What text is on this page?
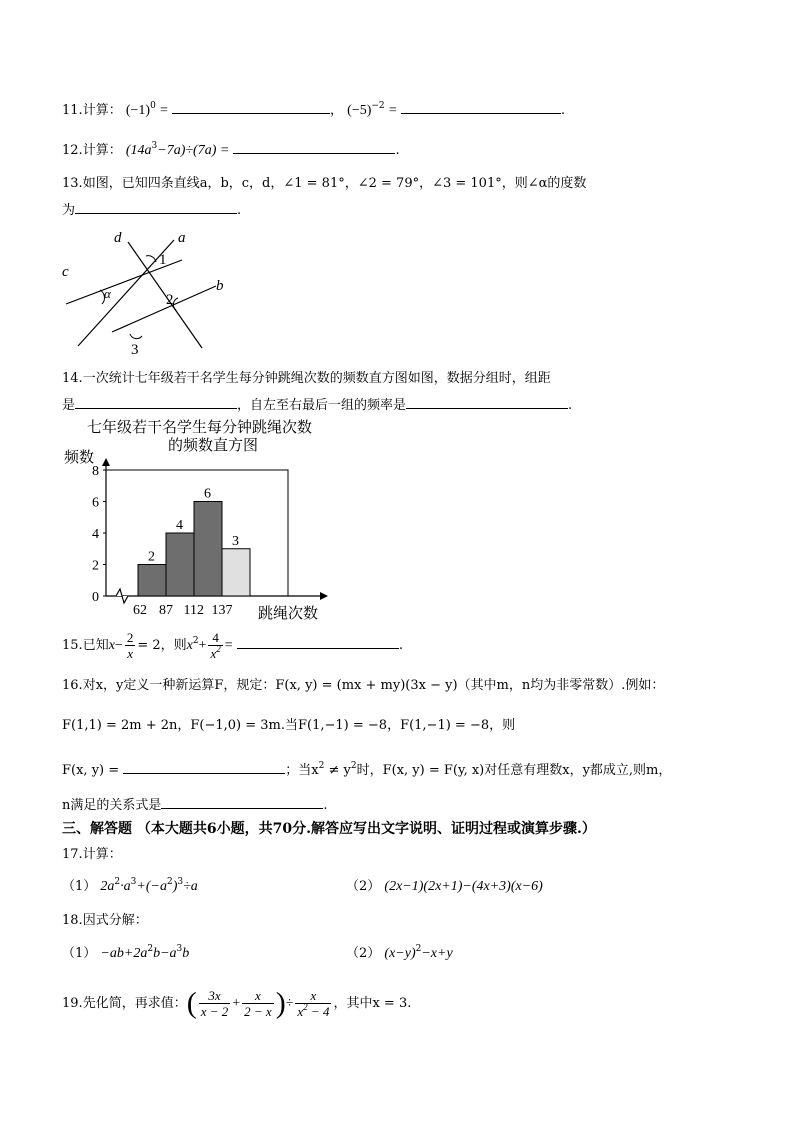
11.计算： $(-1)^0$ =	， $(-5)^{-2}$ =	.
12.计算： $(14a^3-7a)\div(7a)$ =	.
13.如图，已知四条直线a，b，c，d，∠1 = 81°，∠2 = 79°，∠3 = 101°，则∠α的度数
为	.
d	a
c
b
α
1
2
3
14.一次统计七年级若干名学生每分钟跳绳次数的频数直方图如图，数据分组时，组距
是	，自左至右最后一组的频率是	.
七年级若干名学生每分钟跳绳次数
的频数直方图
频数
跳绳次数
0
2
4
6
8
2
4
6
3
62 87 112 137
15.已知$x- \frac{2}{x} = 2$，则$x^2+ \frac{4}{x^2}$ =	.
16.对x，y定义一种新运算F，规定：F(x, y) = (mx + my)(3x − y)（其中m，n均为非零常数）.例如：
F(1,1) = 2m + 2n，F(−1,0) = 3m.当F(1,−1) = −8，F(1,−1) = −8，则
F(x, y) =	；当$x^2 \ne y^2$时，F(x, y) = F(y, x)对任意有理数x，y都成立,则m，
n满足的关系式是	.
三、解答题 （本大题共6小题，共70分.解答应写出文字说明、证明过程或演算步骤.）
17.计算：
（1） $2a^2\cdot a^3+(-a^2)^3\div a$	（2） (2x−1)(2x+1)−(4x+3)(x−6)
18.因式分解：
$(1) -ab+2a^2b-a^3b$	（2） $(x-y)^2-x+y$
19.先化简，再求值：( $\frac{3x}{x - 2} + \frac{x}{2 - x}$ )÷ $\frac{x}{x^2 - 4}$ ，其中x = 3.
